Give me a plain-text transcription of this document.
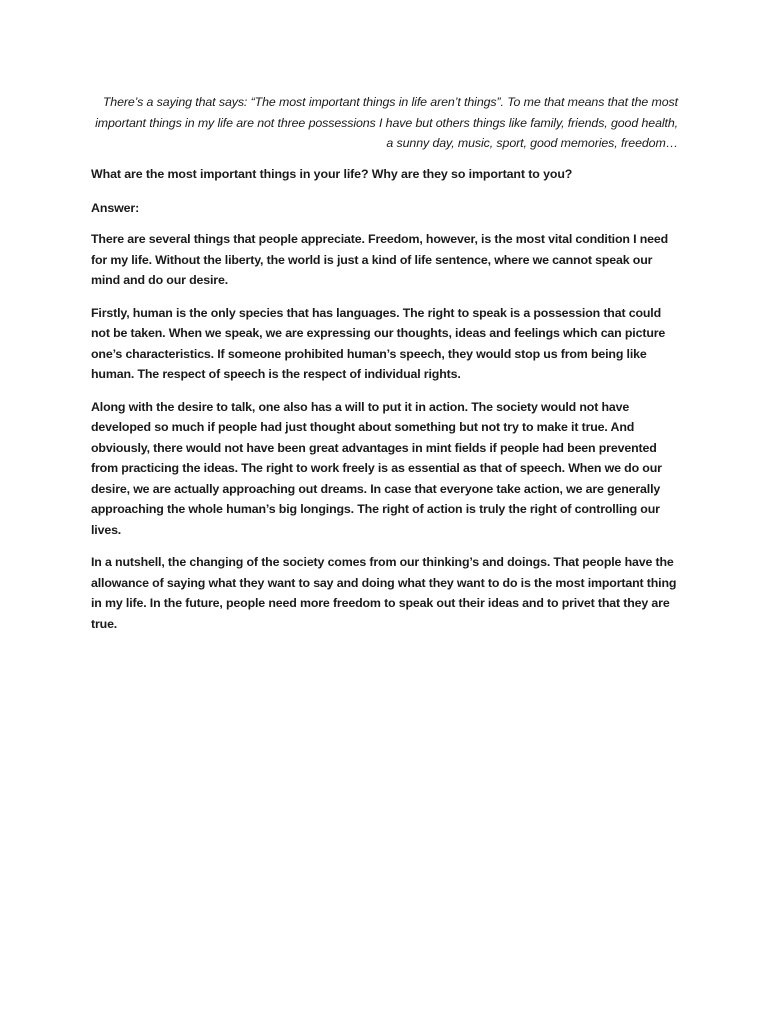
There’s a saying that says: “The most important things in life aren’t things”. To me that means that the most important things in my life are not three possessions I have but others things like family, friends, good health, a sunny day, music, sport, good memories, freedom…
What are the most important things in your life? Why are they so important to you?
Answer:

There are several things that people appreciate. Freedom, however, is the most vital condition I need for my life. Without the liberty, the world is just a kind of life sentence, where we cannot speak our mind and do our desire.

Firstly, human is the only species that has languages. The right to speak is a possession that could not be taken. When we speak, we are expressing our thoughts, ideas and feelings which can picture one’s characteristics. If someone prohibited human’s speech, they would stop us from being like human. The respect of speech is the respect of individual rights.

Along with the desire to talk, one also has a will to put it in action. The society would not have developed so much if people had just thought about something but not try to make it true. And obviously, there would not have been great advantages in mint fields if people had been prevented from practicing the ideas. The right to work freely is as essential as that of speech. When we do our desire, we are actually approaching out dreams. In case that everyone take action, we are generally approaching the whole human’s big longings. The right of action is truly the right of controlling our lives.

In a nutshell, the changing of the society comes from our thinking’s and doings. That people have the allowance of saying what they want to say and doing what they want to do is the most important thing in my life. In the future, people need more freedom to speak out their ideas and to privet that they are true.
